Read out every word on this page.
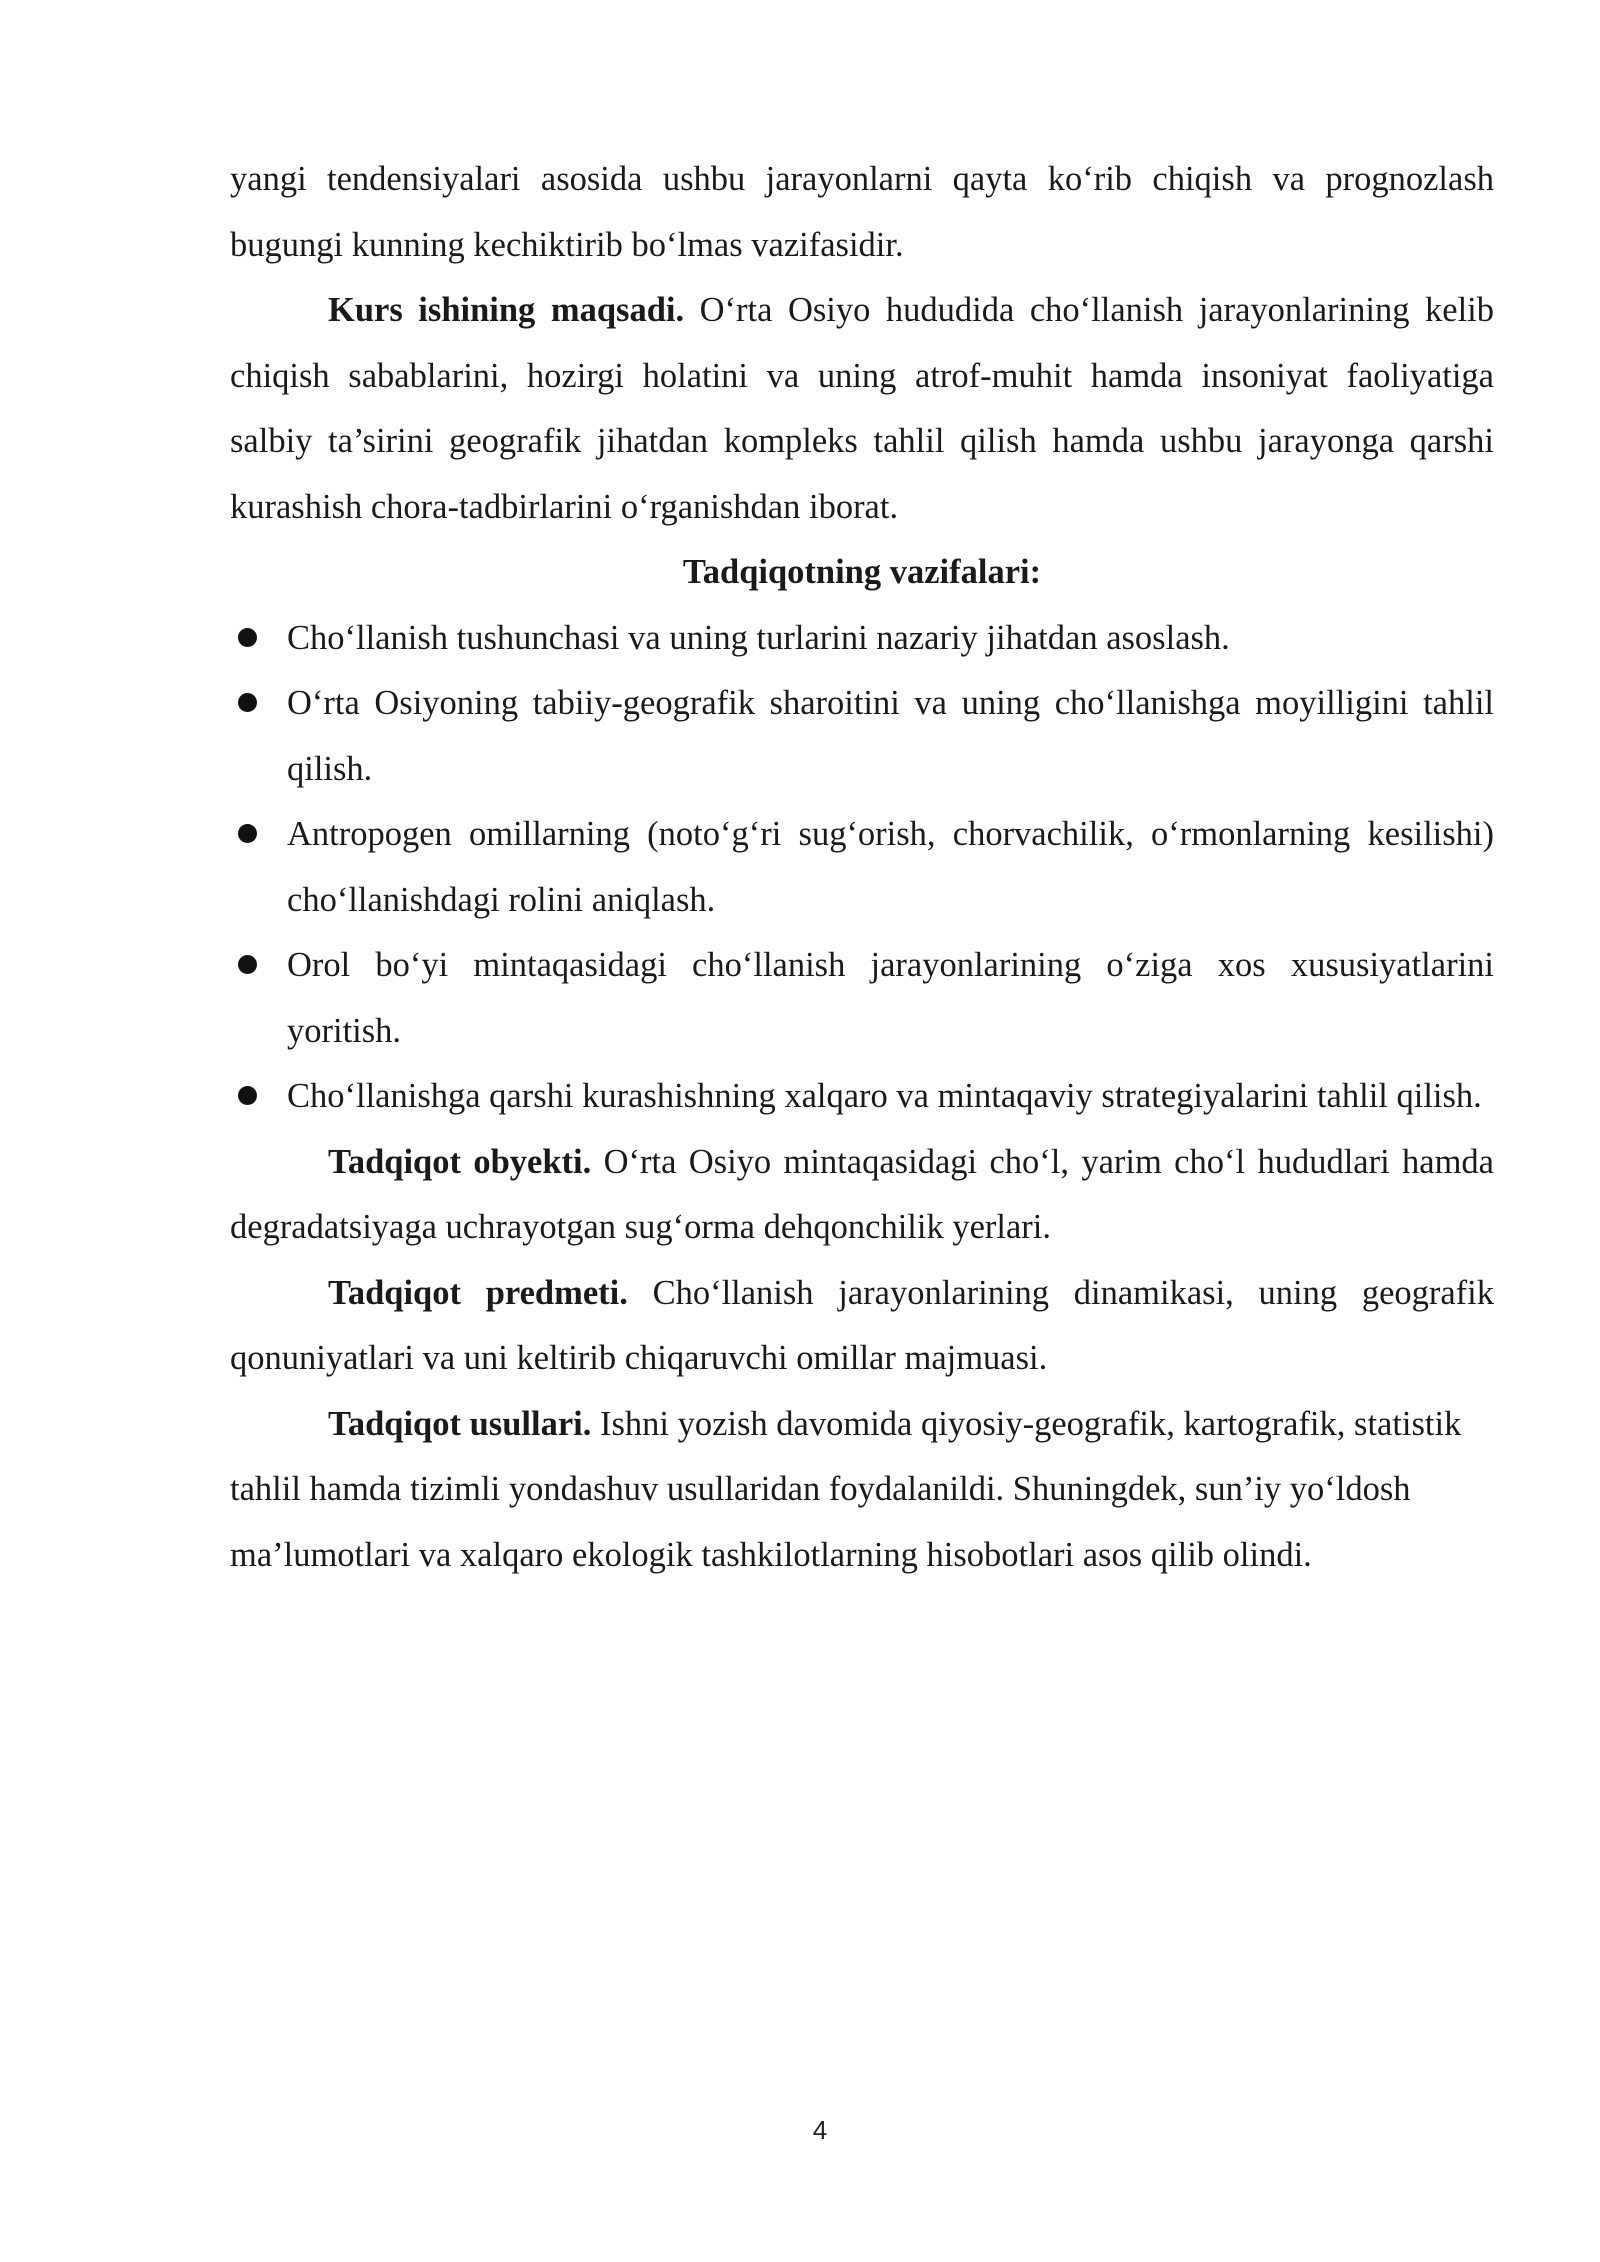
yangi tendensiyalari asosida ushbu jarayonlarni qayta ko‘rib chiqish va prognozlash bugungi kunning kechiktirib bo‘lmas vazifasidir.

Kurs ishining maqsadi. O‘rta Osiyo hududida cho‘llanish jarayonlarining kelib chiqish sabablarini, hozirgi holatini va uning atrof-muhit hamda insoniyat faoliyatiga salbiy ta’sirini geografik jihatdan kompleks tahlil qilish hamda ushbu jarayonga qarshi kurashish chora-tadbirlarini o‘rganishdan iborat.

Tadqiqotning vazifalari:

Cho‘llanish tushunchasi va uning turlarini nazariy jihatdan asoslash.
O‘rta Osiyoning tabiiy-geografik sharoitini va uning cho‘llanishga moyilligini tahlil qilish.
Antropogen omillarning (noto‘g‘ri sug‘orish, chorvachilik, o‘rmonlarning kesilishi) cho‘llanishdagi rolini aniqlash.
Orol bo‘yi mintaqasidagi cho‘llanish jarayonlarining o‘ziga xos xususiyatlarini yoritish.
Cho‘llanishga qarshi kurashishning xalqaro va mintaqaviy strategiyalarini tahlil qilish.

Tadqiqot obyekti. O‘rta Osiyo mintaqasidagi cho‘l, yarim cho‘l hududlari hamda degradatsiyaga uchrayotgan sug‘orma dehqonchilik yerlari.

Tadqiqot predmeti. Cho‘llanish jarayonlarining dinamikasi, uning geografik qonuniyatlari va uni keltirib chiqaruvchi omillar majmuasi.

Tadqiqot usullari. Ishni yozish davomida qiyosiy-geografik, kartografik, statistik tahlil hamda tizimli yondashuv usullaridan foydalanildi. Shuningdek, sun’iy yo‘ldosh ma’lumotlari va xalqaro ekologik tashkilotlarning hisobotlari asos qilib olindi.

4
